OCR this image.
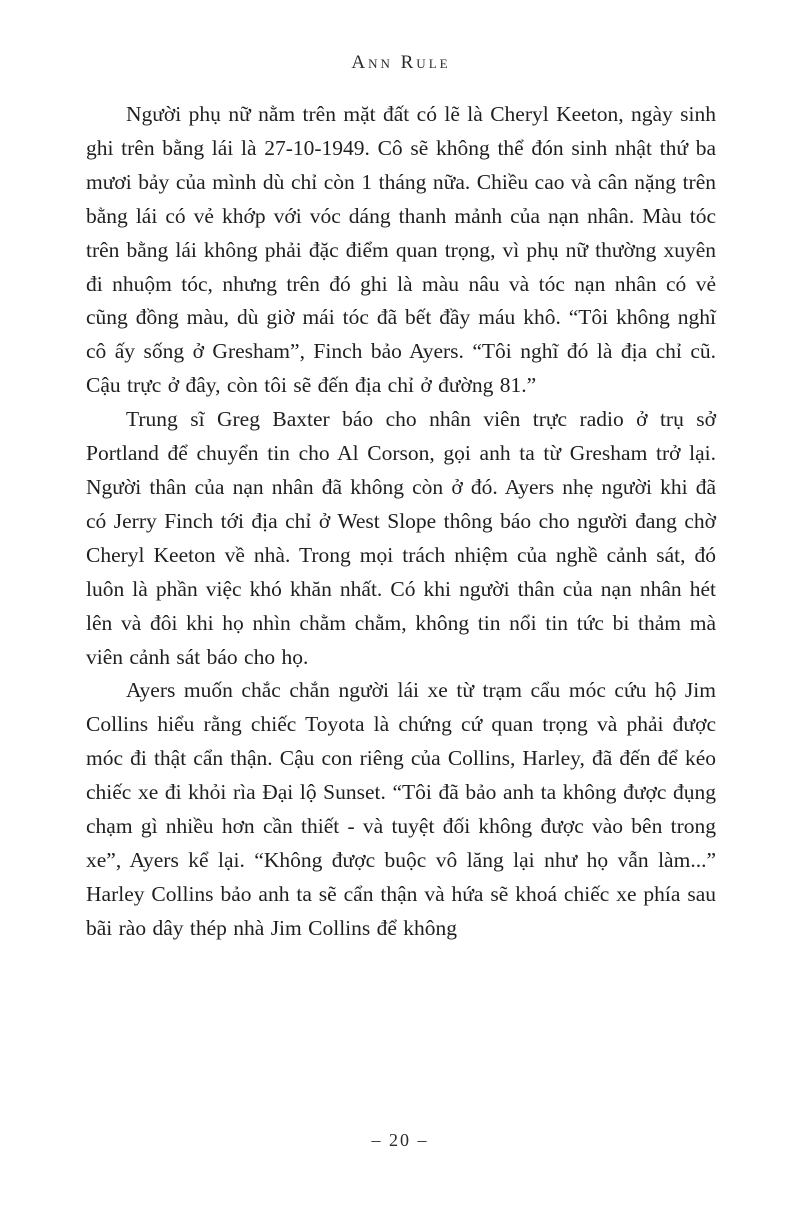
Ann Rule

Người phụ nữ nằm trên mặt đất có lẽ là Cheryl Keeton, ngày sinh ghi trên bằng lái là 27-10-1949. Cô sẽ không thể đón sinh nhật thứ ba mươi bảy của mình dù chỉ còn 1 tháng nữa. Chiều cao và cân nặng trên bằng lái có vẻ khớp với vóc dáng thanh mảnh của nạn nhân. Màu tóc trên bằng lái không phải đặc điểm quan trọng, vì phụ nữ thường xuyên đi nhuộm tóc, nhưng trên đó ghi là màu nâu và tóc nạn nhân có vẻ cũng đồng màu, dù giờ mái tóc đã bết đầy máu khô. “Tôi không nghĩ cô ấy sống ở Gresham”, Finch bảo Ayers. “Tôi nghĩ đó là địa chỉ cũ. Cậu trực ở đây, còn tôi sẽ đến địa chỉ ở đường 81.”

Trung sĩ Greg Baxter báo cho nhân viên trực radio ở trụ sở Portland để chuyển tin cho Al Corson, gọi anh ta từ Gresham trở lại. Người thân của nạn nhân đã không còn ở đó. Ayers nhẹ người khi đã có Jerry Finch tới địa chỉ ở West Slope thông báo cho người đang chờ Cheryl Keeton về nhà. Trong mọi trách nhiệm của nghề cảnh sát, đó luôn là phần việc khó khăn nhất. Có khi người thân của nạn nhân hét lên và đôi khi họ nhìn chằm chằm, không tin nổi tin tức bi thảm mà viên cảnh sát báo cho họ.

Ayers muốn chắc chắn người lái xe từ trạm cẩu móc cứu hộ Jim Collins hiểu rằng chiếc Toyota là chứng cứ quan trọng và phải được móc đi thật cẩn thận. Cậu con riêng của Collins, Harley, đã đến để kéo chiếc xe đi khỏi rìa Đại lộ Sunset. “Tôi đã bảo anh ta không được đụng chạm gì nhiều hơn cần thiết - và tuyệt đối không được vào bên trong xe”, Ayers kể lại. “Không được buộc vô lăng lại như họ vẫn làm...” Harley Collins bảo anh ta sẽ cẩn thận và hứa sẽ khoá chiếc xe phía sau bãi rào dây thép nhà Jim Collins để không

– 20 –
